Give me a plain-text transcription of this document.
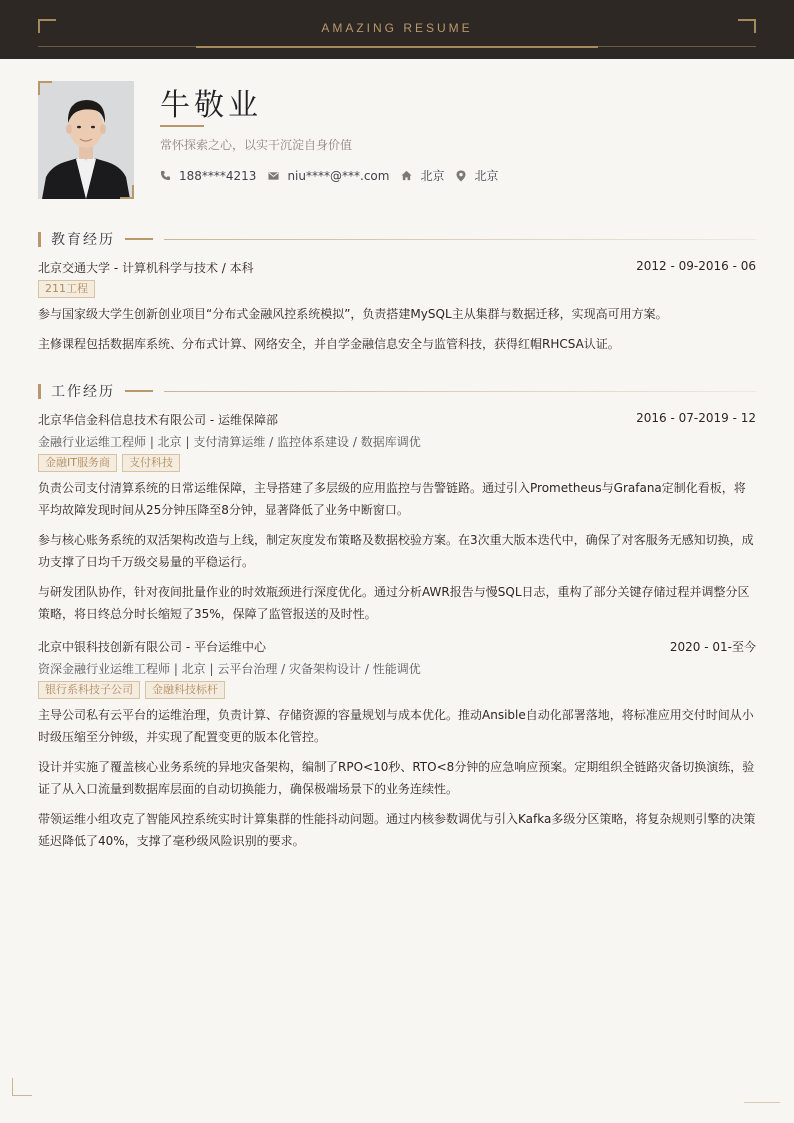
AMAZING RESUME
牛敬业
常怀探索之心，以实干沉淀自身价值
188****4213	niu****@***.com	北京	北京
教育经历
北京交通大学 - 计算机科学与技术 / 本科	2012 - 09-2016 - 06
211工程
参与国家级大学生创新创业项目“分布式金融风控系统模拟”，负责搭建MySQL主从集群与数据迁移，实现高可用方案。
主修课程包括数据库系统、分布式计算、网络安全，并自学金融信息安全与监管科技，获得红帽RHCSA认证。
工作经历
北京华信金科信息技术有限公司 - 运维保障部	2016 - 07-2019 - 12
金融行业运维工程师 | 北京 | 支付清算运维 / 监控体系建设 / 数据库调优
金融IT服务商	支付科技
负责公司支付清算系统的日常运维保障，主导搭建了多层级的应用监控与告警链路。通过引入Prometheus与Grafana定制化看板，将平均故障发现时间从25分钟压降至8分钟，显著降低了业务中断窗口。
参与核心账务系统的双活架构改造与上线，制定灰度发布策略及数据校验方案。在3次重大版本迭代中，确保了对客服务无感知切换，成功支撑了日均千万级交易量的平稳运行。
与研发团队协作，针对夜间批量作业的时效瓶颈进行深度优化。通过分析AWR报告与慢SQL日志，重构了部分关键存储过程并调整分区策略，将日终总分时长缩短了35%，保障了监管报送的及时性。
北京中银科技创新有限公司 - 平台运维中心	2020 - 01-至今
资深金融行业运维工程师 | 北京 | 云平台治理 / 灾备架构设计 / 性能调优
银行系科技子公司	金融科技标杆
主导公司私有云平台的运维治理，负责计算、存储资源的容量规划与成本优化。推动Ansible自动化部署落地，将标准应用交付时间从小时级压缩至分钟级，并实现了配置变更的版本化管控。
设计并实施了覆盖核心业务系统的异地灾备架构，编制了RPO<10秒、RTO<8分钟的应急响应预案。定期组织全链路灾备切换演练，验证了从入口流量到数据库层面的自动切换能力，确保极端场景下的业务连续性。
带领运维小组攻克了智能风控系统实时计算集群的性能抖动问题。通过内核参数调优与引入Kafka多级分区策略，将复杂规则引擎的决策延迟降低了40%，支撑了毫秒级风险识别的要求。
